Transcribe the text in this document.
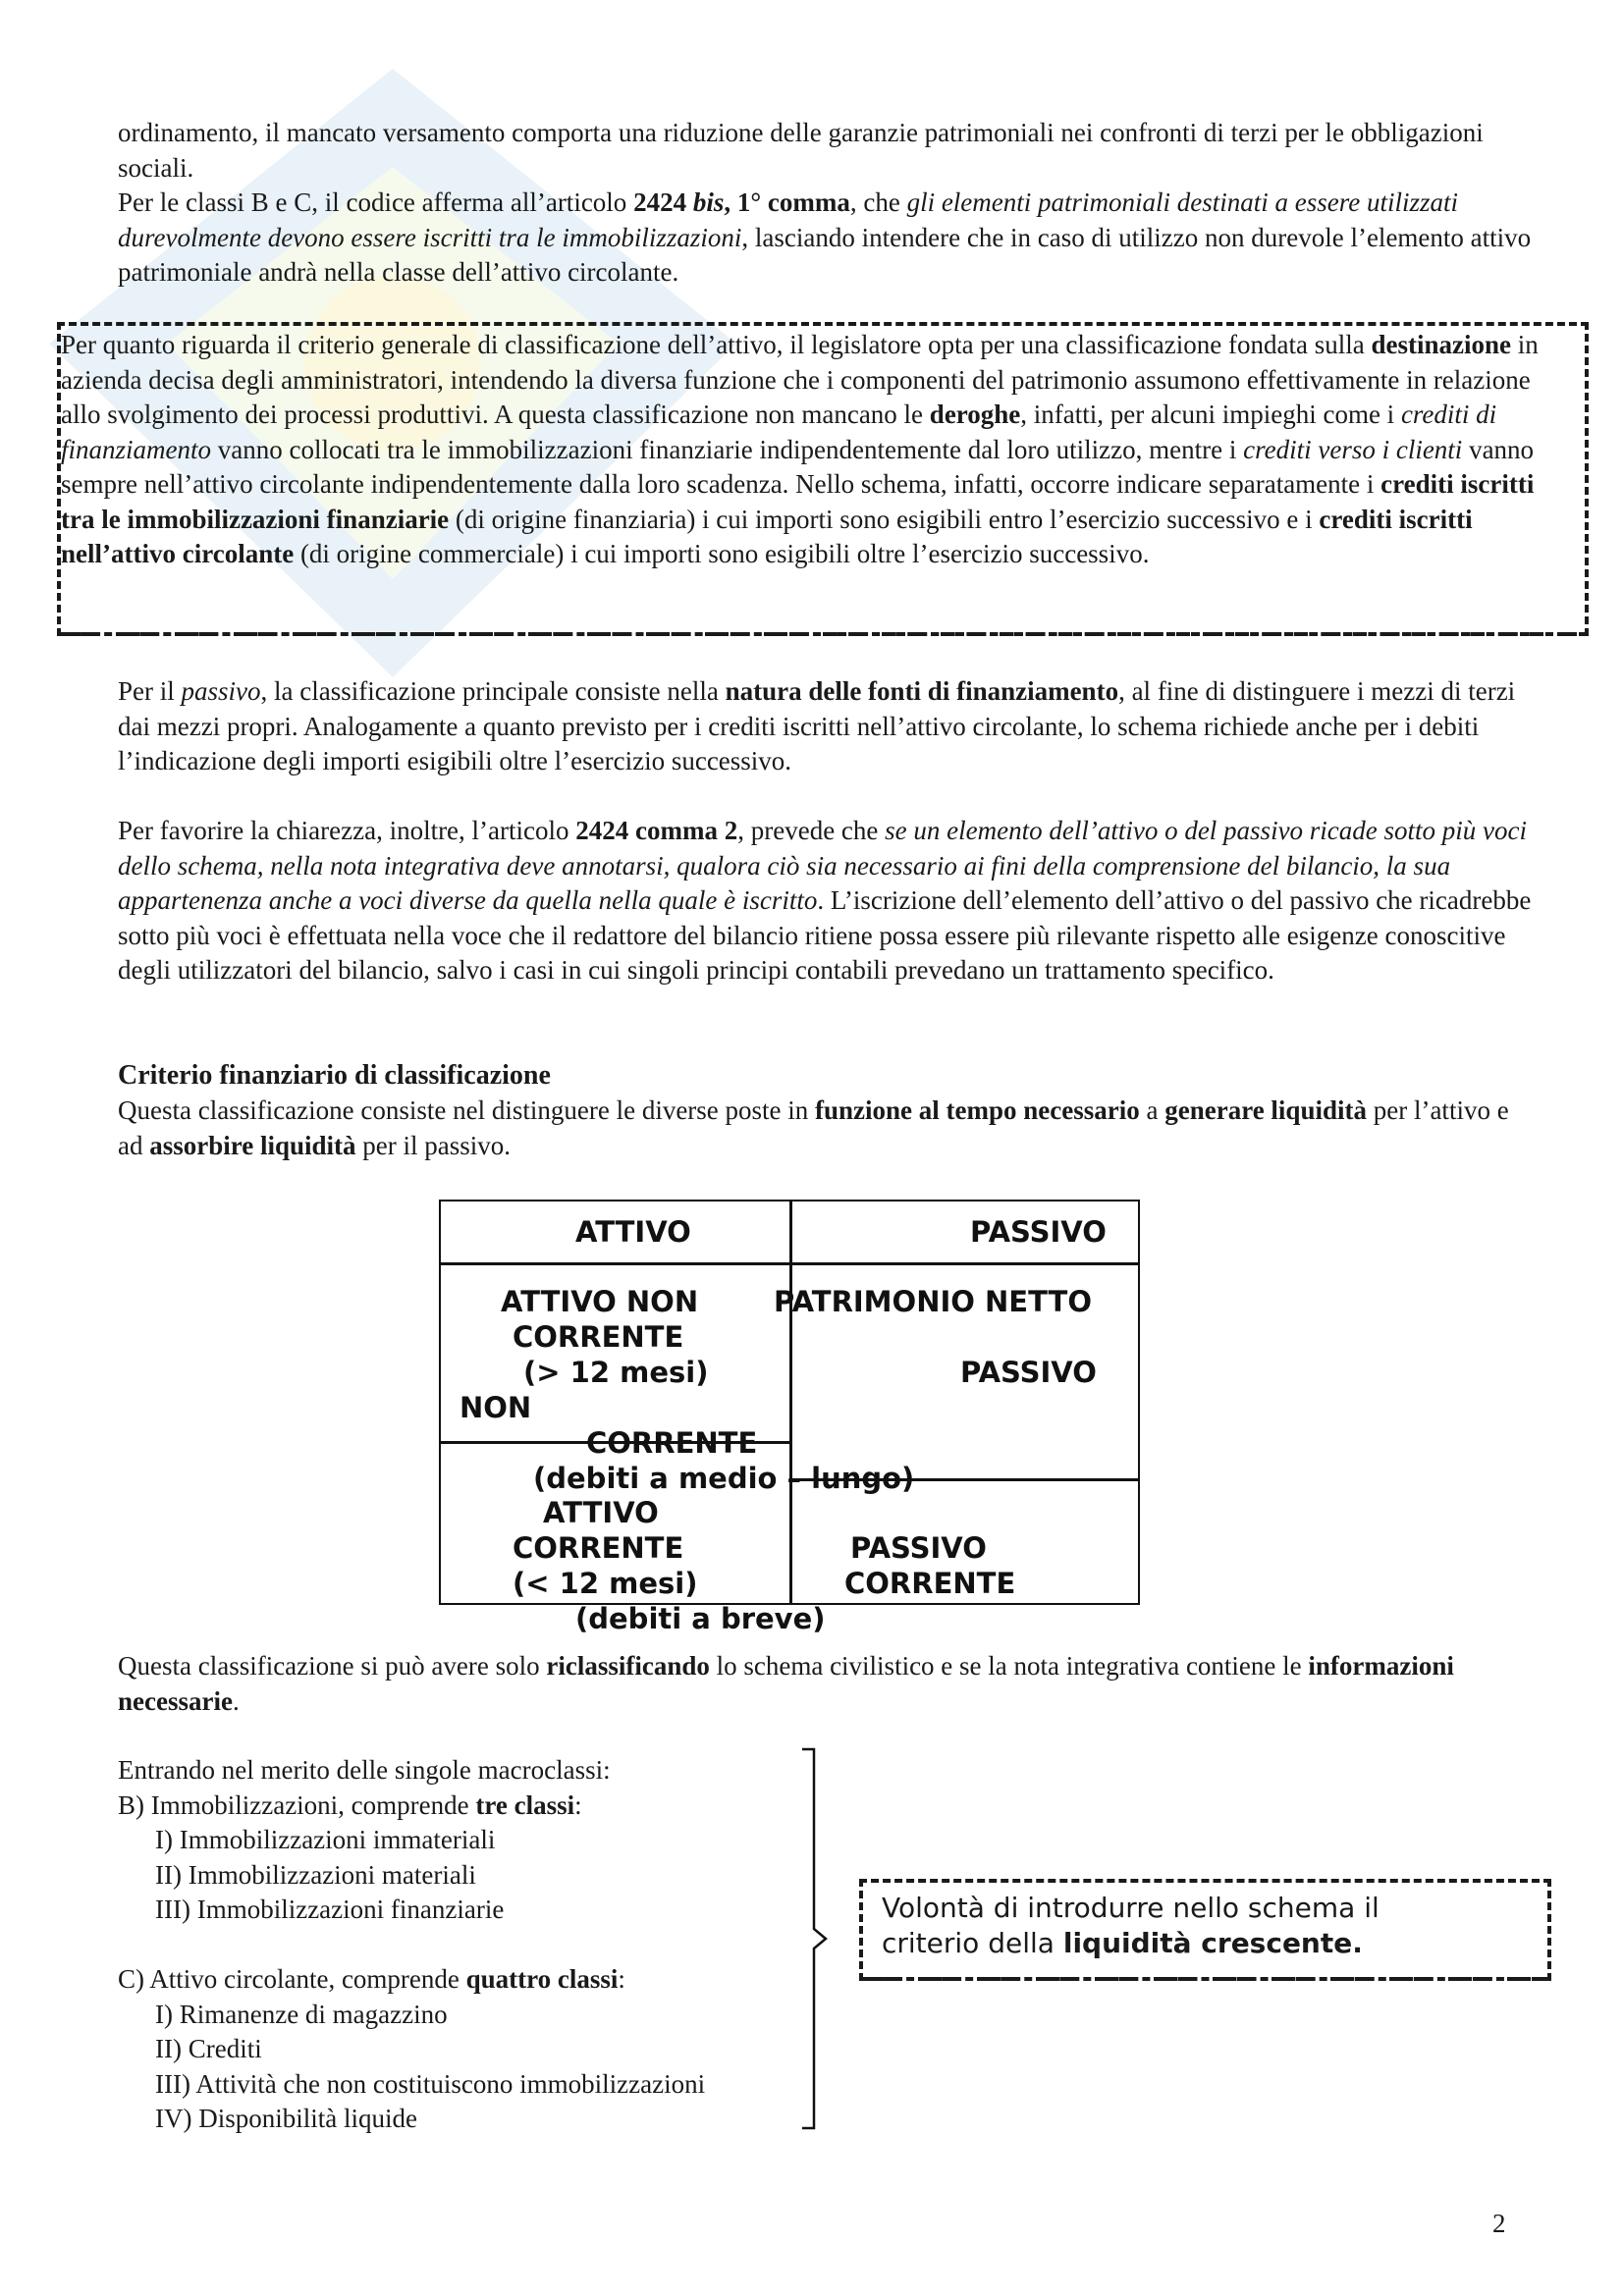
ordinamento, il mancato versamento comporta una riduzione delle garanzie patrimoniali nei confronti di terzi per le obbligazioni sociali.

Per le classi B e C, il codice afferma all’articolo 2424 bis, 1° comma, che gli elementi patrimoniali destinati a essere utilizzati durevolmente devono essere iscritti tra le immobilizzazioni, lasciando intendere che in caso di utilizzo non durevole l’elemento attivo patrimoniale andrà nella classe dell’attivo circolante.

Per quanto riguarda il criterio generale di classificazione dell’attivo, il legislatore opta per una classificazione fondata sulla destinazione in azienda decisa degli amministratori, intendendo la diversa funzione che i componenti del patrimonio assumono effettivamente in relazione allo svolgimento dei processi produttivi. A questa classificazione non mancano le deroghe, infatti, per alcuni impieghi come i crediti di finanziamento vanno collocati tra le immobilizzazioni finanziarie indipendentemente dal loro utilizzo, mentre i crediti verso i clienti vanno sempre nell’attivo circolante indipendentemente dalla loro scadenza. Nello schema, infatti, occorre indicare separatamente i crediti iscritti tra le immobilizzazioni finanziarie (di origine finanziaria) i cui importi sono esigibili entro l’esercizio successivo e i crediti iscritti nell’attivo circolante (di origine commerciale) i cui importi sono esigibili oltre l’esercizio successivo.

Per il passivo, la classificazione principale consiste nella natura delle fonti di finanziamento, al fine di distinguere i mezzi di terzi dai mezzi propri. Analogamente a quanto previsto per i crediti iscritti nell’attivo circolante, lo schema richiede anche per i debiti l’indicazione degli importi esigibili oltre l’esercizio successivo.

Per favorire la chiarezza, inoltre, l’articolo 2424 comma 2, prevede che se un elemento dell’attivo o del passivo ricade sotto più voci dello schema, nella nota integrativa deve annotarsi, qualora ciò sia necessario ai fini della comprensione del bilancio, la sua appartenenza anche a voci diverse da quella nella quale è iscritto. L’iscrizione dell’elemento dell’attivo o del passivo che ricadrebbe sotto più voci è effettuata nella voce che il redattore del bilancio ritiene possa essere più rilevante rispetto alle esigenze conoscitive degli utilizzatori del bilancio, salvo i casi in cui singoli principi contabili prevedano un trattamento specifico.

Criterio finanziario di classificazione

Questa classificazione consiste nel distinguere le diverse poste in funzione al tempo necessario a generare liquidità per l’attivo e ad assorbire liquidità per il passivo.

ATTIVO	PASSIVO
ATTIVO NON
CORRENTE
(> 12 mesi)
PATRIMONIO NETTO
PASSIVO
NON
CORRENTE
(debiti a medio – lungo)
ATTIVO
CORRENTE
(< 12 mesi)
PASSIVO
CORRENTE
(debiti a breve)

Questa classificazione si può avere solo riclassificando lo schema civilistico e se la nota integrativa contiene le informazioni necessarie.

Entrando nel merito delle singole macroclassi:
B) Immobilizzazioni, comprende tre classi:
I) Immobilizzazioni immateriali
II) Immobilizzazioni materiali
III) Immobilizzazioni finanziarie
C) Attivo circolante, comprende quattro classi:
I) Rimanenze di magazzino
II) Crediti
III) Attività che non costituiscono immobilizzazioni
IV) Disponibilità liquide
Volontà di introdurre nello schema il
criterio della liquidità crescente.
2
